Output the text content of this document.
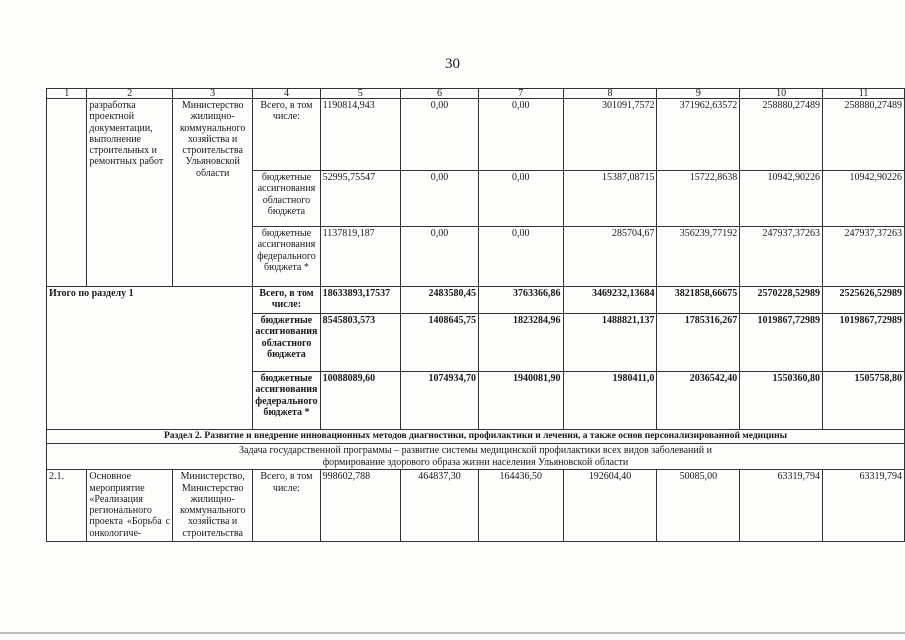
30
1	2	3	4	5	6	7	8	9	10	11
	разработка проектной документации, выполнение строительных и ремонтных работ	Министерство жилищно-коммунального хозяйства и строительства Ульяновской области	Всего, в том числе:	1190814,943	0,00	0,00	301091,7572	371962,63572	258880,27489	258880,27489
			бюджетные ассигнования областного бюджета	52995,75547	0,00	0,00	15387,08715	15722,8638	10942,90226	10942,90226
			бюджетные ассигнования федерального бюджета *	1137819,187	0,00	0,00	285704,67	356239,77192	247937,37263	247937,37263
Итого по разделу 1			Всего, в том числе:	18633893,17537	2483580,45	3763366,86	3469232,13684	3821858,66675	2570228,52989	2525626,52989
			бюджетные ассигнования областного бюджета	8545803,573	1408645,75	1823284,96	1488821,137	1785316,267	1019867,72989	1019867,72989
			бюджетные ассигнования федерального бюджета *	10088089,60	1074934,70	1940081,90	1980411,0	2036542,40	1550360,80	1505758,80
Раздел 2. Развитие и внедрение инновационных методов диагностики, профилактики и лечения, а также основ персонализированной медицины										
Задача государственной программы – развитие системы медицинской профилактики всех видов заболеваний и формирование здорового образа жизни населения Ульяновской области										
2.1.	Основное мероприятие «Реализация регионального проекта «Борьба с онкологиче-	Министерство, Министерство жилищно-коммунального хозяйства и строительства	Всего, в том числе:	998602,788	464837,30	164436,50	192604,40	50085,00	63319,794	63319,794
